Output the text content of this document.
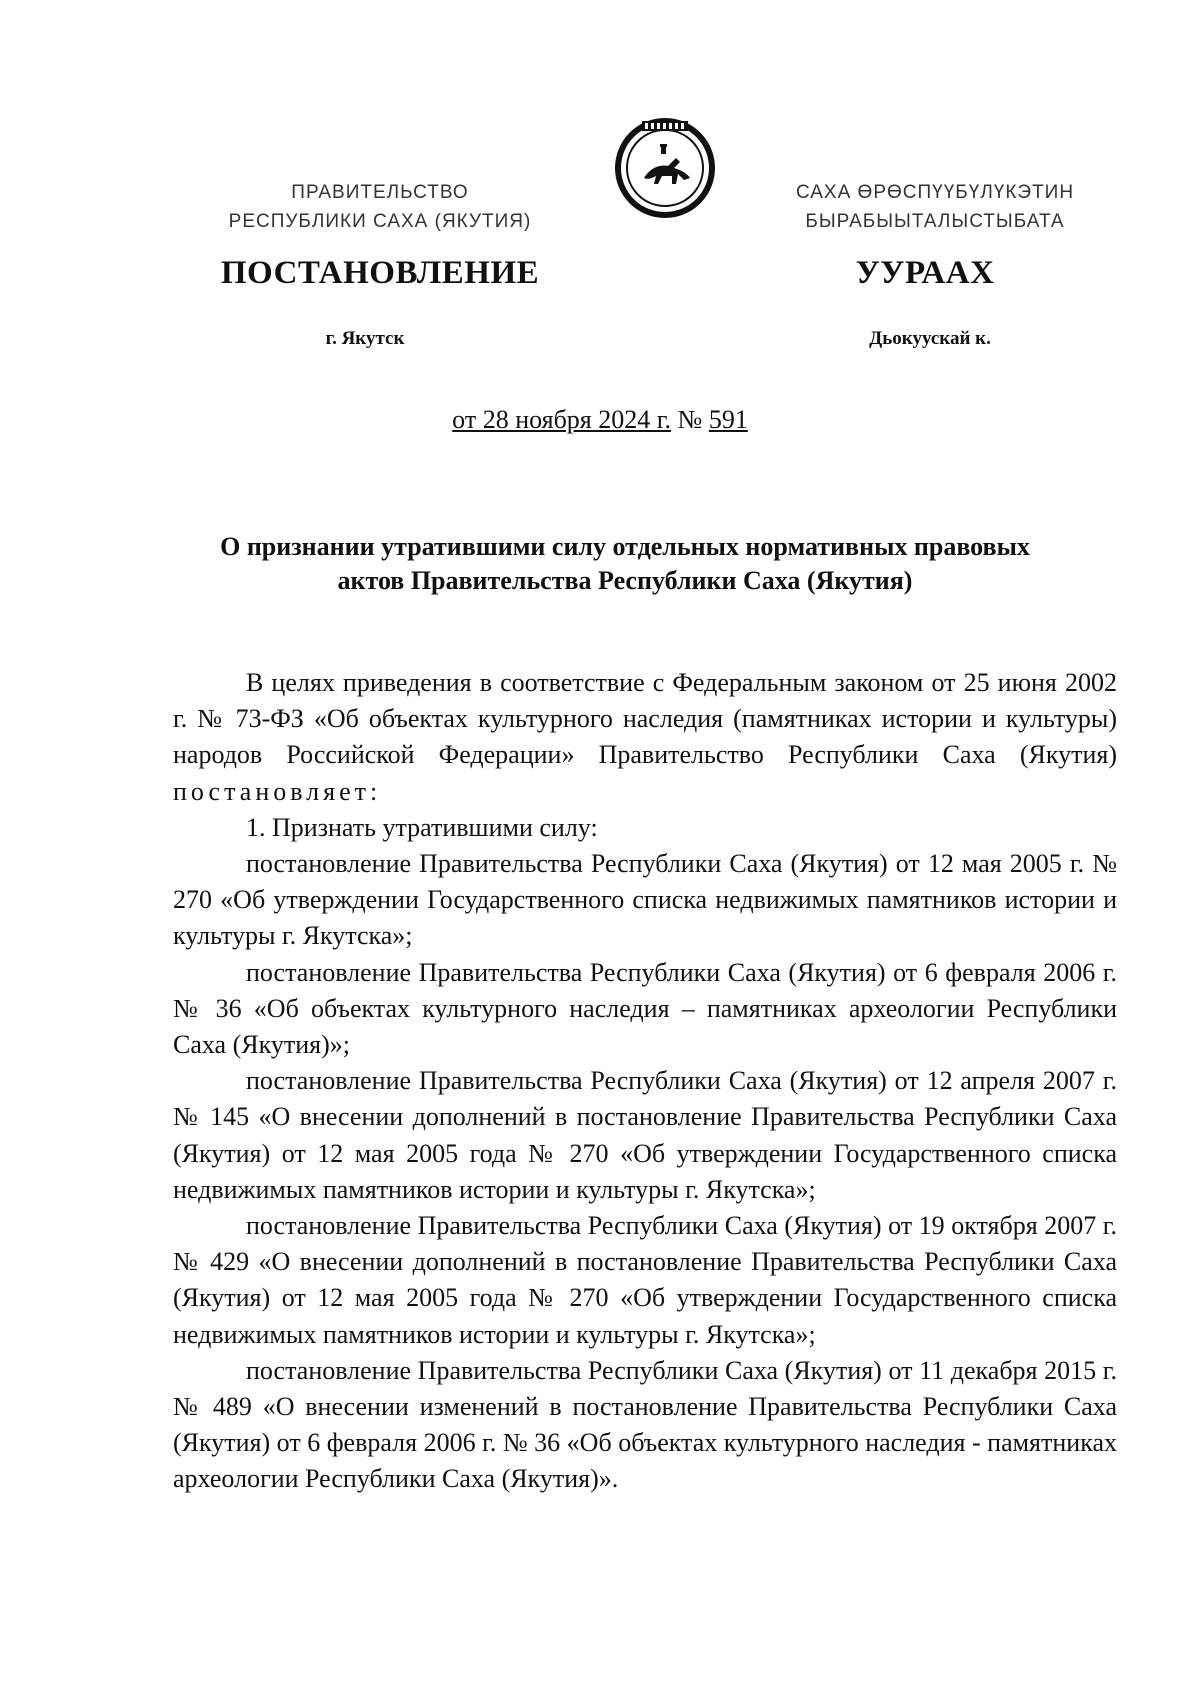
ПРАВИТЕЛЬСТВО
РЕСПУБЛИКИ САХА (ЯКУТИЯ)
САХА ӨРӨСПҮҮБҮЛҮКЭТИН
БЫРАБЫЫТАЛЫСТЫБАТА
ПОСТАНОВЛЕНИЕ	УУРААХ
г. Якутск	Дьокуускай к.
от 28 ноября 2024 г. № 591
О признании утратившими силу отдельных нормативных правовых
актов Правительства Республики Саха (Якутия)

В целях приведения в соответствие с Федеральным законом от 25 июня 2002 г. № 73-ФЗ «Об объектах культурного наследия (памятниках истории и культуры) народов Российской Федерации» Правительство Республики Саха (Якутия) постановляет:

1. Признать утратившими силу:

постановление Правительства Республики Саха (Якутия) от 12 мая 2005 г. № 270 «Об утверждении Государственного списка недвижимых памятников истории и культуры г. Якутска»;

постановление Правительства Республики Саха (Якутия) от 6 февраля 2006 г. № 36 «Об объектах культурного наследия – памятниках археологии Республики Саха (Якутия)»;

постановление Правительства Республики Саха (Якутия) от 12 апреля 2007 г. № 145 «О внесении дополнений в постановление Правительства Республики Саха (Якутия) от 12 мая 2005 года № 270 «Об утверждении Государственного списка недвижимых памятников истории и культуры г. Якутска»;

постановление Правительства Республики Саха (Якутия) от 19 октября 2007 г. № 429 «О внесении дополнений в постановление Правительства Республики Саха (Якутия) от 12 мая 2005 года № 270 «Об утверждении Государственного списка недвижимых памятников истории и культуры г. Якутска»;

постановление Правительства Республики Саха (Якутия) от 11 декабря 2015 г. № 489 «О внесении изменений в постановление Правительства Республики Саха (Якутия) от 6 февраля 2006 г. № 36 «Об объектах культурного наследия - памятниках археологии Республики Саха (Якутия)».
